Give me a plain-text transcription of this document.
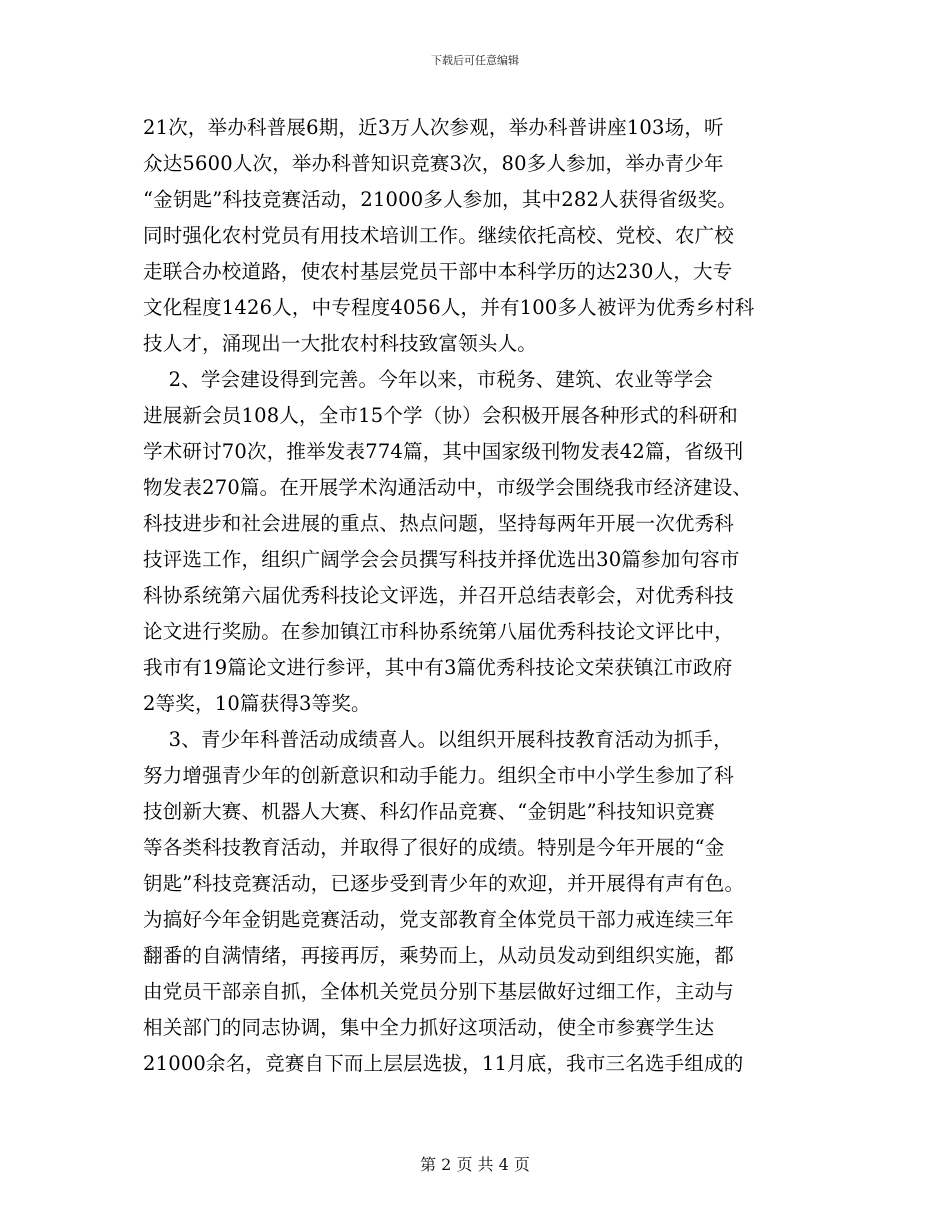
下载后可任意编辑
21次，举办科普展6期，近3万人次参观，举办科普讲座103场，听
众达5600人次，举办科普知识竞赛3次，80多人参加，举办青少年
“金钥匙”科技竞赛活动，21000多人参加，其中282人获得省级奖。
同时强化农村党员有用技术培训工作。继续依托高校、党校、农广校
走联合办校道路，使农村基层党员干部中本科学历的达230人，大专
文化程度1426人，中专程度4056人，并有100多人被评为优秀乡村科
技人才，涌现出一大批农村科技致富领头人。
2、学会建设得到完善。今年以来，市税务、建筑、农业等学会
进展新会员108人，全市15个学（协）会积极开展各种形式的科研和
学术研讨70次，推举发表774篇，其中国家级刊物发表42篇，省级刊
物发表270篇。在开展学术沟通活动中，市级学会围绕我市经济建设、
科技进步和社会进展的重点、热点问题，坚持每两年开展一次优秀科
技评选工作，组织广阔学会会员撰写科技并择优选出30篇参加句容市
科协系统第六届优秀科技论文评选，并召开总结表彰会，对优秀科技
论文进行奖励。在参加镇江市科协系统第八届优秀科技论文评比中，
我市有19篇论文进行参评，其中有3篇优秀科技论文荣获镇江市政府
2等奖，10篇获得3等奖。
3、青少年科普活动成绩喜人。以组织开展科技教育活动为抓手，
努力增强青少年的创新意识和动手能力。组织全市中小学生参加了科
技创新大赛、机器人大赛、科幻作品竞赛、“金钥匙”科技知识竞赛
等各类科技教育活动，并取得了很好的成绩。特别是今年开展的“金
钥匙”科技竞赛活动，已逐步受到青少年的欢迎，并开展得有声有色。
为搞好今年金钥匙竞赛活动，党支部教育全体党员干部力戒连续三年
翻番的自满情绪，再接再厉，乘势而上，从动员发动到组织实施，都
由党员干部亲自抓，全体机关党员分别下基层做好过细工作，主动与
相关部门的同志协调，集中全力抓好这项活动，使全市参赛学生达
21000余名，竞赛自下而上层层选拔，11月底，我市三名选手组成的
第 2 页 共 4 页
